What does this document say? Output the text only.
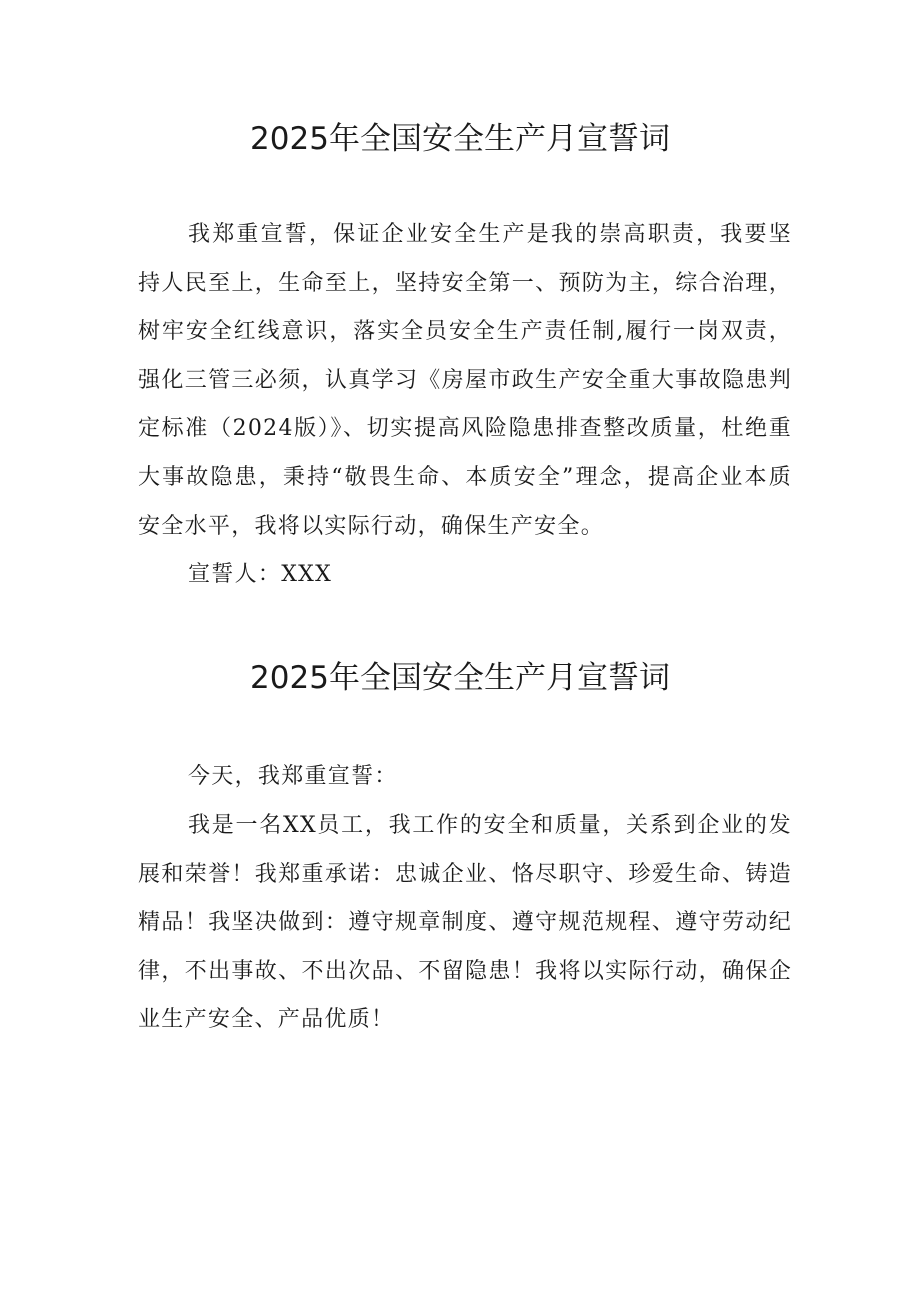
2025年全国安全生产月宣誓词

我郑重宣誓，保证企业安全生产是我的崇高职责，我要坚持人民至上，生命至上，坚持安全第一、预防为主，综合治理，树牢安全红线意识，落实全员安全生产责任制,履行一岗双责，强化三管三必须，认真学习《房屋市政生产安全重大事故隐患判定标准（2024版）》、切实提高风险隐患排查整改质量，杜绝重大事故隐患，秉持“敬畏生命、本质安全”理念，提高企业本质安全水平，我将以实际行动，确保生产安全。

宣誓人：XXX

2025年全国安全生产月宣誓词

今天，我郑重宣誓：

我是一名XX员工，我工作的安全和质量，关系到企业的发展和荣誉！我郑重承诺：忠诚企业、恪尽职守、珍爱生命、铸造精品！我坚决做到：遵守规章制度、遵守规范规程、遵守劳动纪律，不出事故、不出次品、不留隐患！我将以实际行动，确保企业生产安全、产品优质！
